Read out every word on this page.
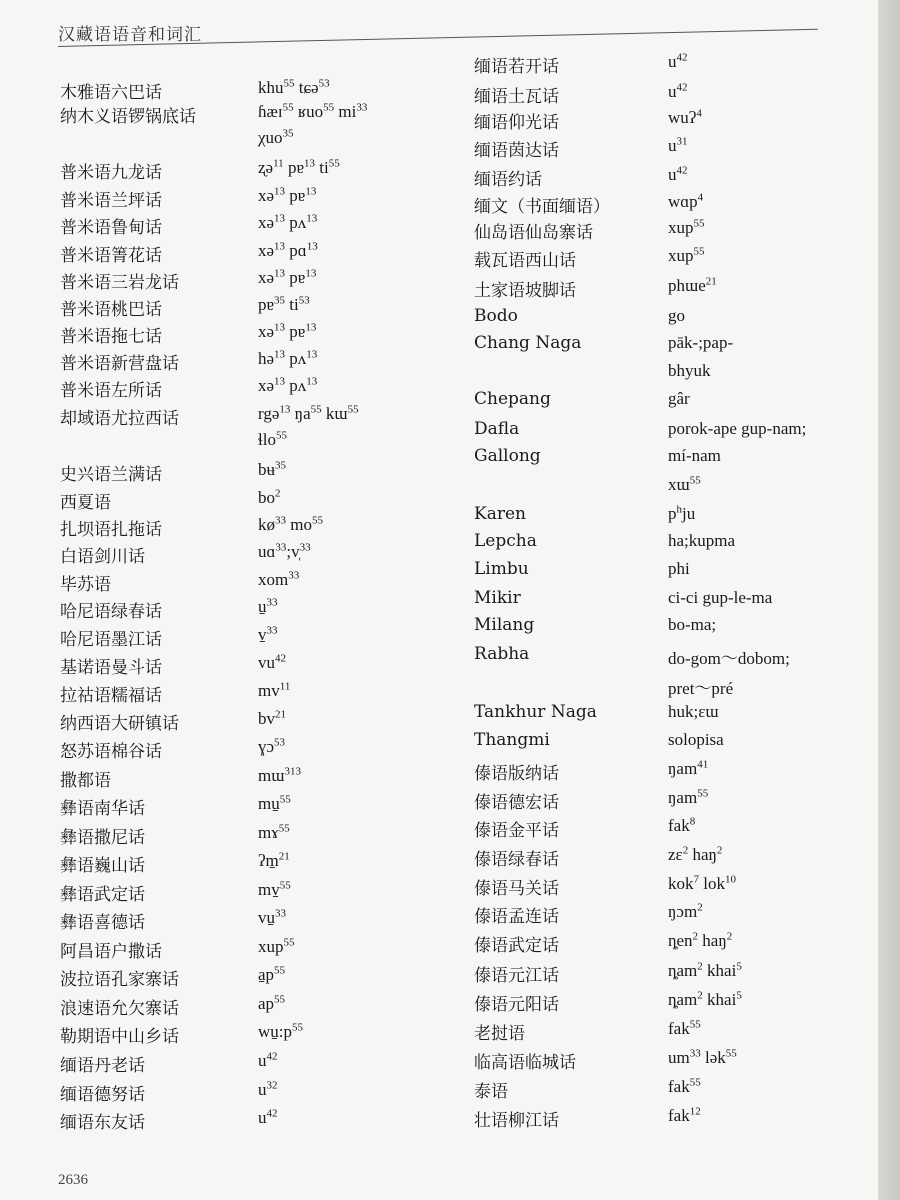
汉藏语语音和词汇
木雅语六巴话	khu$^{55}$ tɕə$^{53}$
纳木义语锣锅底话	ɦæɪ$^{55}$ ʁuo$^{55}$ $mi^{33}$
χuo$^{35}$
普米语九龙话	ʐə$^{11}$ pɐ$^{13}$ $ti^{55}$
普米语兰坪话	xə$^{13}$ pɐ$^{13}$
普米语鲁甸话	xə$^{13}$ pʌ$^{13}$
普米语箐花话	xə$^{13}$ pɑ$^{13}$
普米语三岩龙话	xə$^{13}$ pɐ$^{13}$
普米语桃巴话	pɐ$^{35}$ $ti^{53}$
普米语拖七话	xə$^{13}$ pɐ$^{13}$
普米语新营盘话	hə$^{13}$ pʌ$^{13}$
普米语左所话	xə$^{13}$ pʌ$^{13}$
却域语尤拉西话	rgə$^{13}$ $ŋa^{55}$ kɯ$^{55}$
ɬlo$^{55}$
史兴语兰满话	bʉ$^{35}$
西夏语	$bo^2$
扎坝语扎拖话	$kø^{33}$ $mo^{55}$
白语剑川话	uɑ$^{33}$;v̩$^{33}$
毕苏语	xom$^{33}$
哈尼语绿春话	u̠$^{33}$
哈尼语墨江话	v̠$^{33}$
基诺语曼斗话	$vu^{42}$
拉祜语糯福话	$mv^{11}$
纳西语大研镇话	$bv^{21}$
怒苏语棉谷话	ɣɔ$^{53}$
撒都语	mɯ$^{313}$
彝语南华话	mu̠$^{55}$
彝语撒尼话	mɤ$^{55}$
彝语巍山话	ʔm̠$^{21}$
彝语武定话	mv̠$^{55}$
彝语喜德话	vu̠$^{33}$
阿昌语户撒话	xup$^{55}$
波拉语孔家寨话	$a̠p^{55}$
浪速语允欠寨话	$ap^{55}$
勒期语中山乡话	$wu̠:p^{55}$
缅语丹老话	$u^{42}$
缅语德努话	$u^{32}$
缅语东友话	$u^{42}$
缅语若开话	$u^{42}$
缅语土瓦话	$u^{42}$
缅语仰光话	wuʔ$^4$
缅语茵达话	$u^{31}$
缅语约话	$u^{42}$
缅文（书面缅语）	wɑp$^4$
仙岛语仙岛寨话	xup$^{55}$
载瓦语西山话	xup$^{55}$
土家语坡脚话	phɯe$^{21}$
Bodo	go
Chang Naga	pāk-;pap-
bhyuk
Chepang	gâr
Dafla	porok-ape gup-nam;
Gallong	mí-nam
xɯ$^{55}$
Karen	$p^hju$
Lepcha	ha;kupma
Limbu	phi
Mikir	ci-ci gup-le-ma
Milang	bo-ma;
Rabha	do-gom～dobom;
pret～pré
Tankhur Naga	huk;ɛɯ
Thangmi	solopisa
傣语版纳话	ŋam$^{41}$
傣语德宏话	ŋam$^{55}$
傣语金平话	fak$^8$
傣语绿春话	zɛ$^2$ haŋ$^2$
傣语马关话	kok$^7$ lok$^{10}$
傣语孟连话	ŋɔm$^2$
傣语武定话	ȵen$^2$ haŋ$^2$
傣语元江话	ȵam$^2$ khai$^5$
傣语元阳话	ȵam$^2$ khai$^5$
老挝语	fak$^{55}$
临高语临城话	$um^{33}$ lək$^{55}$
泰语	fak$^{55}$
壮语柳江话	fak$^{12}$
2636
